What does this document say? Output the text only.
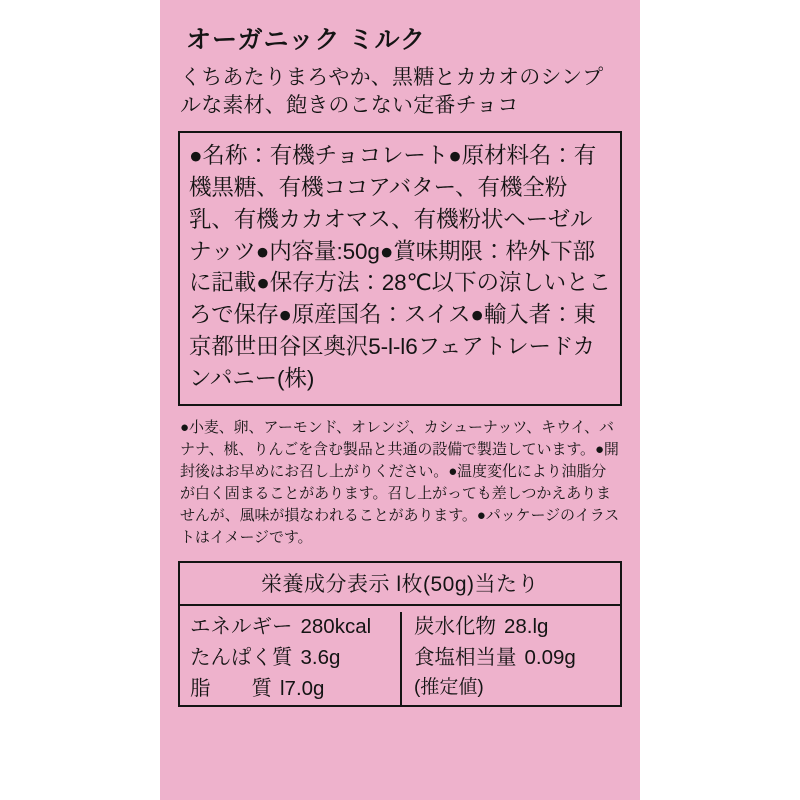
オーガニック ミルク
くちあたりまろやか、黒糖とカカオのシンプルな素材、飽きのこない定番チョコ
●名称：有機チョコレート●原材料名：有機黒糖、有機ココアバター、有機全粉乳、有機カカオマス、有機粉状ヘーゼルナッツ●内容量:50g●賞味期限：枠外下部に記載●保存方法：28℃以下の涼しいところで保存●原産国名：スイス●輸入者：東京都世田谷区奥沢5-l-l6フェアトレードカンパニー(株)
●小麦、卵、アーモンド、オレンジ、カシューナッツ、キウイ、バナナ、桃、りんごを含む製品と共通の設備で製造しています。●開封後はお早めにお召し上がりください。●温度変化により油脂分が白く固まることがあります。召し上がっても差しつかえありませんが、風味が損なわれることがあります。●パッケージのイラストはイメージです。
栄養成分表示 l枚(50g)当たり
エネルギー 280kcal
たんぱく質 3.6g
脂　　質 l7.0g
炭水化物 28.lg
食塩相当量 0.09g
(推定値)
